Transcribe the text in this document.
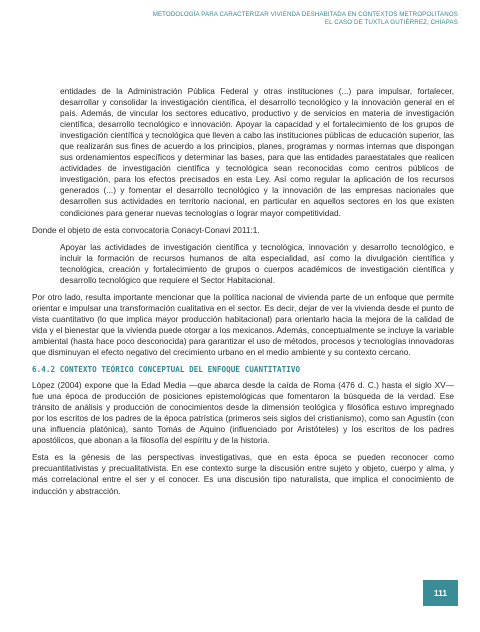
METODOLOGÍA PARA CARACTERIZAR VIVIENDA DESHABITADA EN CONTEXTOS METROPOLITANOS
EL CASO DE TUXTLA GUTIÉRREZ, CHIAPAS

entidades de la Administración Pública Federal y otras instituciones (...) para impulsar, fortalecer, desarrollar y consolidar la investigación científica, el desarrollo tecnológico y la innovación general en el país. Además, de vincular los sectores educativo, productivo y de servicios en materia de investigación científica, desarrollo tecnológico e innovación. Apoyar la capacidad y el fortalecimiento de los grupos de investigación científica y tecnológica que lleven a cabo las instituciones públicas de educación superior, las que realizarán sus fines de acuerdo a los principios, planes, programas y normas internas que dispongan sus ordenamientos específicos y determinar las bases, para que las entidades paraestatales que realicen actividades de investigación científica y tecnológica sean reconocidas como centros públicos de investigación, para los efectos precisados en esta Ley. Así como regular la aplicación de los recursos generados (...) y fomentar el desarrollo tecnológico y la innovación de las empresas nacionales que desarrollen sus actividades en territorio nacional, en particular en aquellos sectores en los que existen condiciones para generar nuevas tecnologías o lograr mayor competitividad.

Donde el objeto de esta convocatoria Conacyt-Conavi 2011:1.

Apoyar las actividades de investigación científica y tecnológica, innovación y desarrollo tecnológico, e incluir la formación de recursos humanos de alta especialidad, así como la divulgación científica y tecnológica, creación y fortalecimiento de grupos o cuerpos académicos de investigación científica y desarrollo tecnológico que requiere el Sector Habitacional.

Por otro lado, resulta importante mencionar que la política nacional de vivienda parte de un enfoque que permite orientar e impulsar una transformación cualitativa en el sector. Es decir, dejar de ver la vivienda desde el punto de vista cuantitativo (lo que implica mayor producción habitacional) para orientarlo hacia la mejora de la calidad de vida y el bienestar que la vivienda puede otorgar a los mexicanos. Además, conceptualmente se incluye la variable ambiental (hasta hace poco desconocida) para garantizar el uso de métodos, procesos y tecnologías innovadoras que disminuyan el efecto negativo del crecimiento urbano en el medio ambiente y su contexto cercano.

6.4.2 CONTEXTO TEÓRICO CONCEPTUAL DEL ENFOQUE CUANTITATIVO

López (2004) expone que la Edad Media —que abarca desde la caída de Roma (476 d. C.) hasta el siglo XV— fue una época de producción de posiciones epistemológicas que fomentaron la búsqueda de la verdad. Ese tránsito de análisis y producción de conocimientos desde la dimensión teológica y filosófica estuvo impregnado por los escritos de los padres de la época patrística (primeros seis siglos del cristianismo), como san Agustín (con una influencia platónica), santo Tomás de Aquino (influenciado por Aristóteles) y los escritos de los padres apostólicos, que abonan a la filosofía del espíritu y de la historia.

Esta es la génesis de las perspectivas investigativas, que en esta época se pueden reconocer como precuantitativistas y precualitativista. En ese contexto surge la discusión entre sujeto y objeto, cuerpo y alma, y más correlacional entre el ser y el conocer. Es una discusión tipo naturalista, que implica el conocimiento de inducción y abstracción.

111
